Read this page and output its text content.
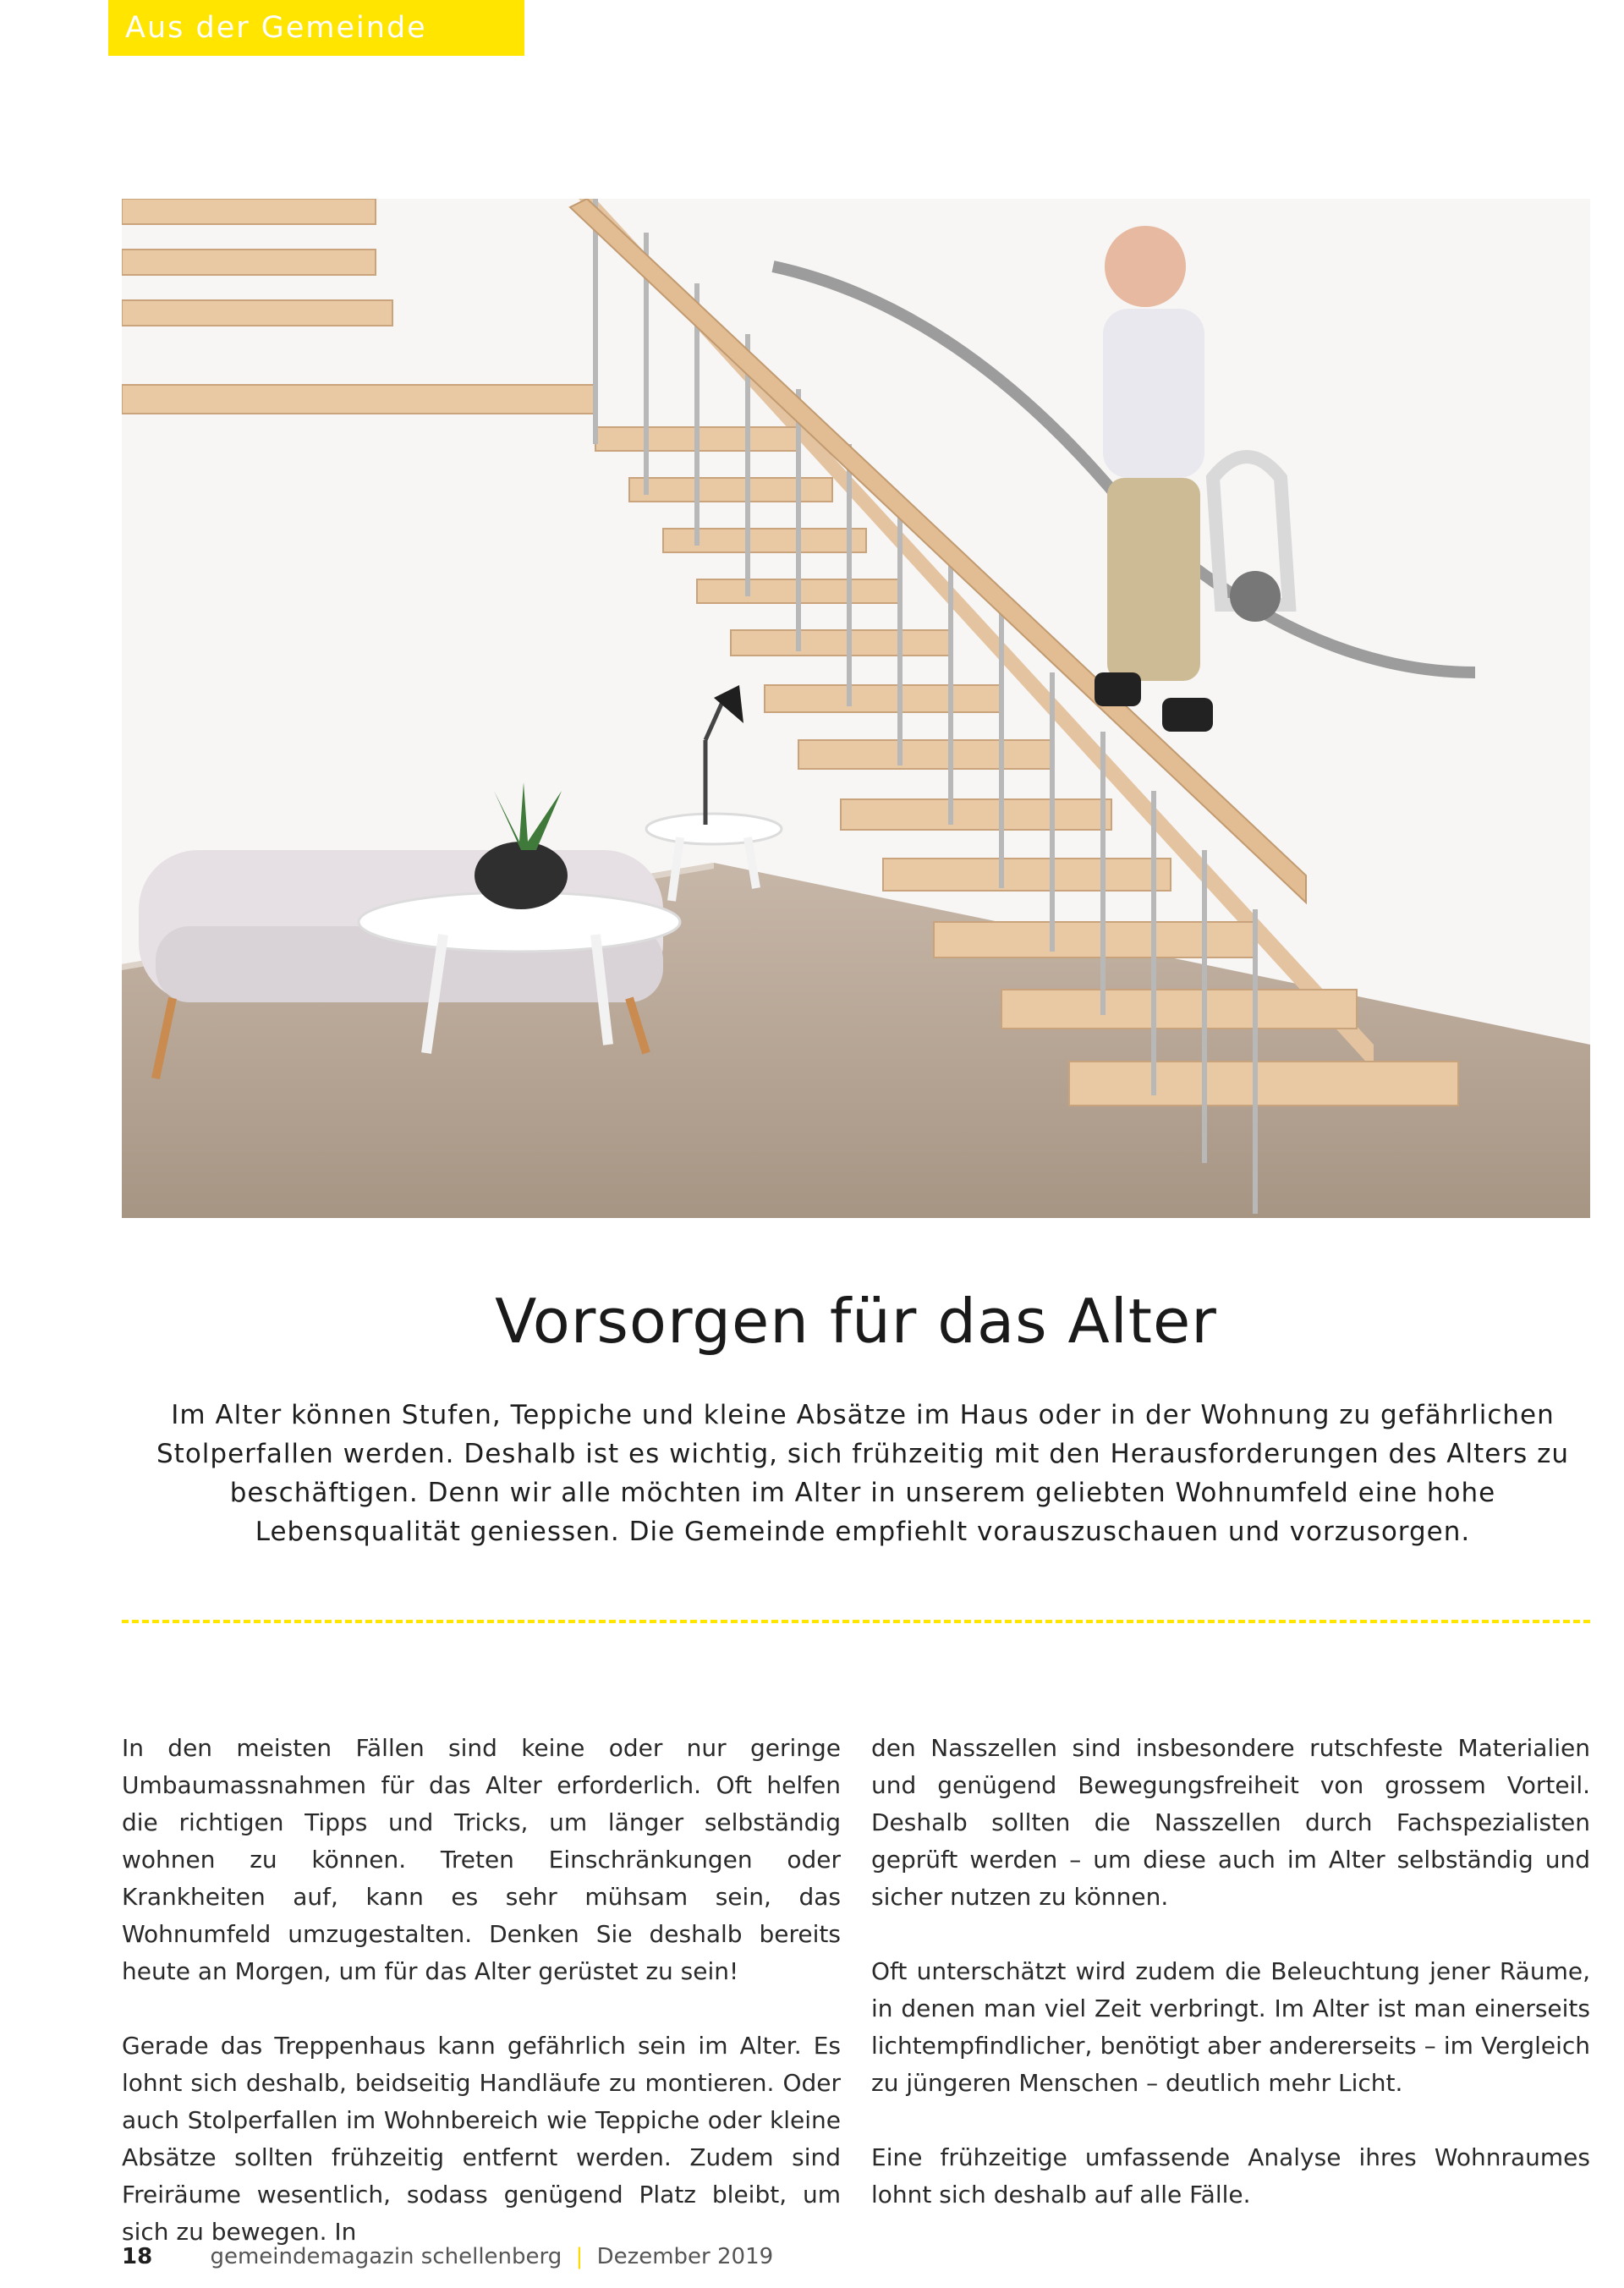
Aus der Gemeinde
Vorsorgen für das Alter
Im Alter können Stufen, Teppiche und kleine Absätze im Haus oder in der Wohnung zu gefährlichen Stolperfallen werden. Deshalb ist es wichtig, sich frühzeitig mit den Herausforderungen des Alters zu beschäftigen. Denn wir alle möchten im Alter in unserem geliebten Wohnumfeld eine hohe Lebensqualität geniessen. Die Gemeinde empfiehlt vorauszuschauen und vorzusorgen.

In den meisten Fällen sind keine oder nur geringe Umbaumassnahmen für das Alter erforderlich. Oft helfen die richtigen Tipps und Tricks, um länger selbständig wohnen zu können. Treten Einschränkungen oder Krankheiten auf, kann es sehr mühsam sein, das Wohnumfeld umzugestalten. Denken Sie deshalb bereits heute an Morgen, um für das Alter gerüstet zu sein!

Gerade das Treppenhaus kann gefährlich sein im Alter. Es lohnt sich deshalb, beidseitig Handläufe zu montieren. Oder auch Stolperfallen im Wohnbereich wie Teppiche oder kleine Absätze sollten frühzeitig entfernt werden. Zudem sind Freiräume wesentlich, sodass genügend Platz bleibt, um sich zu bewegen. In

den Nasszellen sind insbesondere rutschfeste Materialien und genügend Bewegungsfreiheit von grossem Vorteil. Deshalb sollten die Nasszellen durch Fachspezialisten geprüft werden – um diese auch im Alter selbständig und sicher nutzen zu können.

Oft unterschätzt wird zudem die Beleuchtung jener Räume, in denen man viel Zeit verbringt. Im Alter ist man einerseits lichtempfindlicher, benötigt aber andererseits – im Vergleich zu jüngeren Menschen – deutlich mehr Licht.

Eine frühzeitige umfassende Analyse ihres Wohnraumes lohnt sich deshalb auf alle Fälle.

18	gemeindemagazin schellenberg | Dezember 2019
